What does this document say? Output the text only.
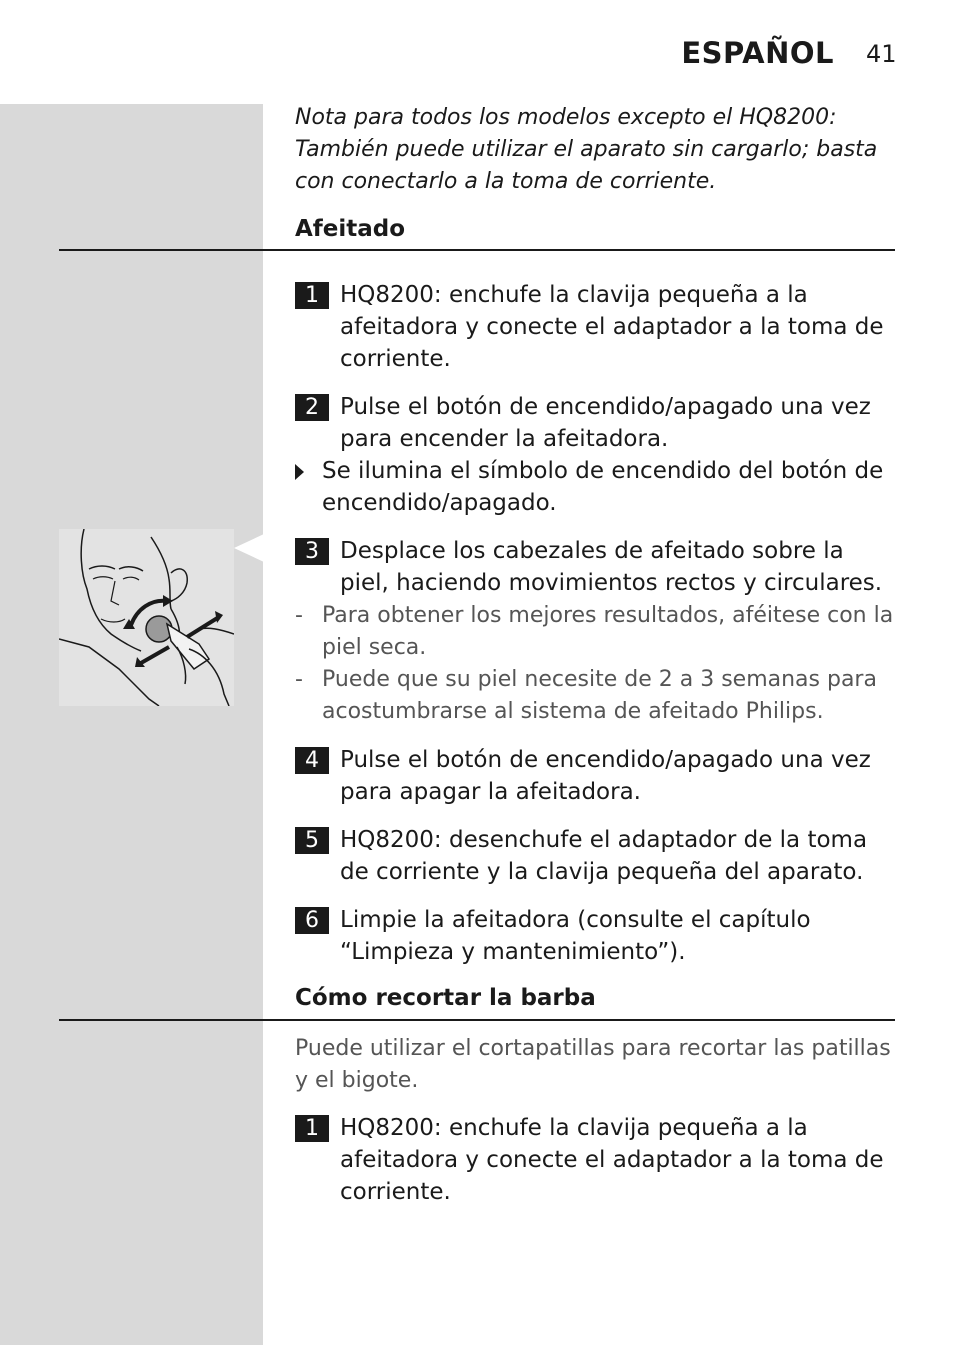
ESPAÑOL 41
Nota para todos los modelos excepto el HQ8200: También puede utilizar el aparato sin cargarlo; basta con conectarlo a la toma de corriente.
Afeitado
1 HQ8200: enchufe la clavija pequeña a la afeitadora y conecte el adaptador a la toma de corriente.
2 Pulse el botón de encendido/apagado una vez para encender la afeitadora.
Se ilumina el símbolo de encendido del botón de encendido/apagado.
3 Desplace los cabezales de afeitado sobre la piel, haciendo movimientos rectos y circulares.
- Para obtener los mejores resultados, aféitese con la piel seca.
- Puede que su piel necesite de 2 a 3 semanas para acostumbrarse al sistema de afeitado Philips.
4 Pulse el botón de encendido/apagado una vez para apagar la afeitadora.
5 HQ8200: desenchufe el adaptador de la toma de corriente y la clavija pequeña del aparato.
6 Limpie la afeitadora (consulte el capítulo “Limpieza y mantenimiento”).
Cómo recortar la barba
Puede utilizar el cortapatillas para recortar las patillas y el bigote.
1 HQ8200: enchufe la clavija pequeña a la afeitadora y conecte el adaptador a la toma de corriente.
